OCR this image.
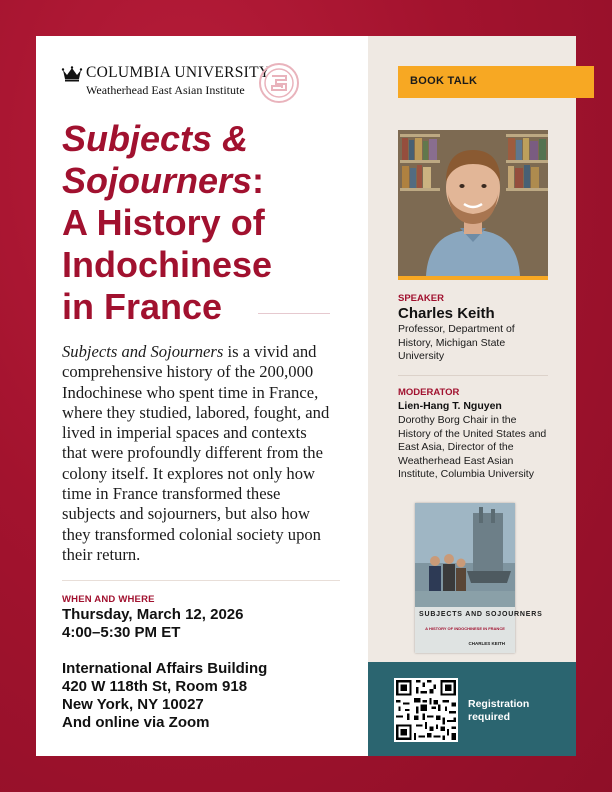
COLUMBIA UNIVERSITY
Weatherhead East Asian Institute
Subjects &
Sojourners:
A History of
Indochinese
in France
Subjects and Sojourners is a vivid and comprehensive history of the 200,000 Indochinese who spent time in France, where they studied, labored, fought, and lived in imperial spaces and contexts that were profoundly different from the colony itself. It explores not only how time in France transformed these subjects and sojourners, but also how they transformed colonial society upon their return.
WHEN AND WHERE
Thursday, March 12, 2026
4:00–5:30 PM ET
International Affairs Building
420 W 118th St, Room 918
New York, NY 10027
And online via Zoom
BOOK TALK
SPEAKER
Charles Keith
Professor, Department of History, Michigan State University
MODERATOR
Lien-Hang T. Nguyen
Dorothy Borg Chair in the History of the United States and East Asia, Director of the Weatherhead East Asian Institute, Columbia University
SUBJECTS AND SOJOURNERS
A HISTORY OF INDOCHINESE IN FRANCE
CHARLES KEITH
Registration required
